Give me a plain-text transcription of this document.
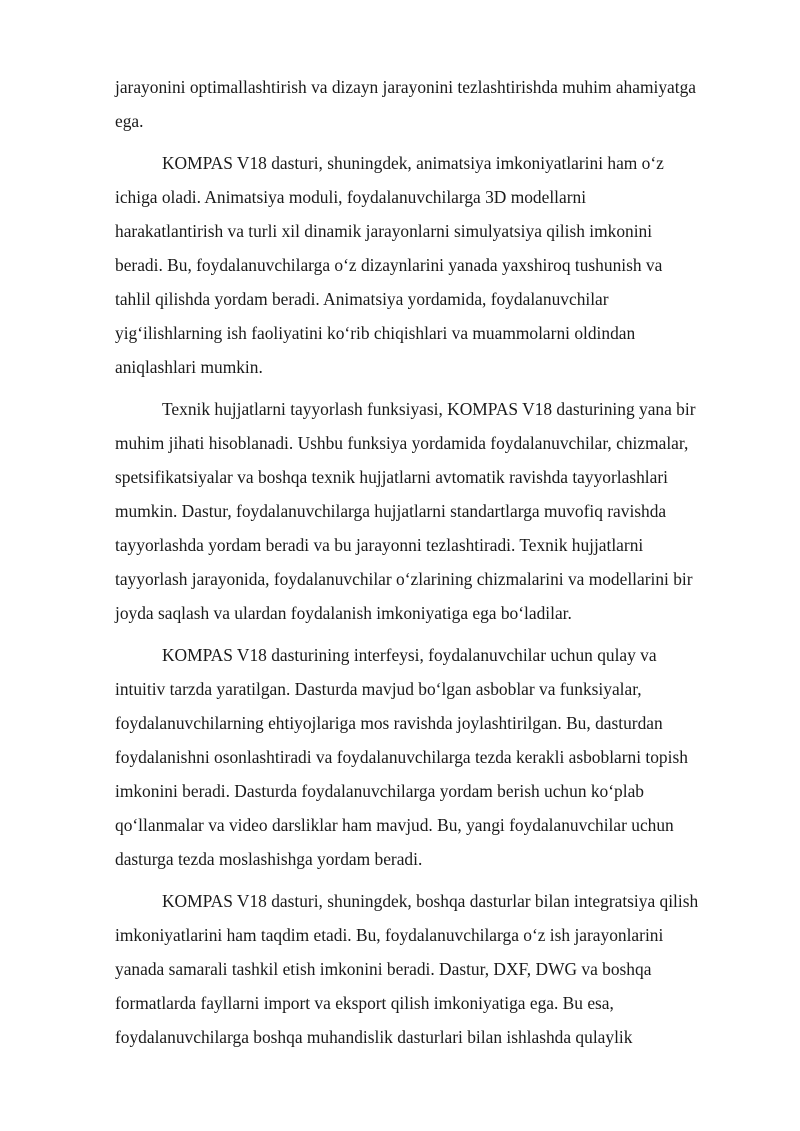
jarayonini optimallashtirish va dizayn jarayonini tezlashtirishda muhim ahamiyatga
ega.

KOMPAS V18 dasturi, shuningdek, animatsiya imkoniyatlarini ham o‘z
ichiga oladi. Animatsiya moduli, foydalanuvchilarga 3D modellarni
harakatlantirish va turli xil dinamik jarayonlarni simulyatsiya qilish imkonini
beradi. Bu, foydalanuvchilarga o‘z dizaynlarini yanada yaxshiroq tushunish va
tahlil qilishda yordam beradi. Animatsiya yordamida, foydalanuvchilar
yig‘ilishlarning ish faoliyatini ko‘rib chiqishlari va muammolarni oldindan
aniqlashlari mumkin.

Texnik hujjatlarni tayyorlash funksiyasi, KOMPAS V18 dasturining yana bir
muhim jihati hisoblanadi. Ushbu funksiya yordamida foydalanuvchilar, chizmalar,
spetsifikatsiyalar va boshqa texnik hujjatlarni avtomatik ravishda tayyorlashlari
mumkin. Dastur, foydalanuvchilarga hujjatlarni standartlarga muvofiq ravishda
tayyorlashda yordam beradi va bu jarayonni tezlashtiradi. Texnik hujjatlarni
tayyorlash jarayonida, foydalanuvchilar o‘zlarining chizmalarini va modellarini bir
joyda saqlash va ulardan foydalanish imkoniyatiga ega bo‘ladilar.

KOMPAS V18 dasturining interfeysi, foydalanuvchilar uchun qulay va
intuitiv tarzda yaratilgan. Dasturda mavjud bo‘lgan asboblar va funksiyalar,
foydalanuvchilarning ehtiyojlariga mos ravishda joylashtirilgan. Bu, dasturdan
foydalanishni osonlashtiradi va foydalanuvchilarga tezda kerakli asboblarni topish
imkonini beradi. Dasturda foydalanuvchilarga yordam berish uchun ko‘plab
qo‘llanmalar va video darsliklar ham mavjud. Bu, yangi foydalanuvchilar uchun
dasturga tezda moslashishga yordam beradi.

KOMPAS V18 dasturi, shuningdek, boshqa dasturlar bilan integratsiya qilish
imkoniyatlarini ham taqdim etadi. Bu, foydalanuvchilarga o‘z ish jarayonlarini
yanada samarali tashkil etish imkonini beradi. Dastur, DXF, DWG va boshqa
formatlarda fayllarni import va eksport qilish imkoniyatiga ega. Bu esa,
foydalanuvchilarga boshqa muhandislik dasturlari bilan ishlashda qulaylik
